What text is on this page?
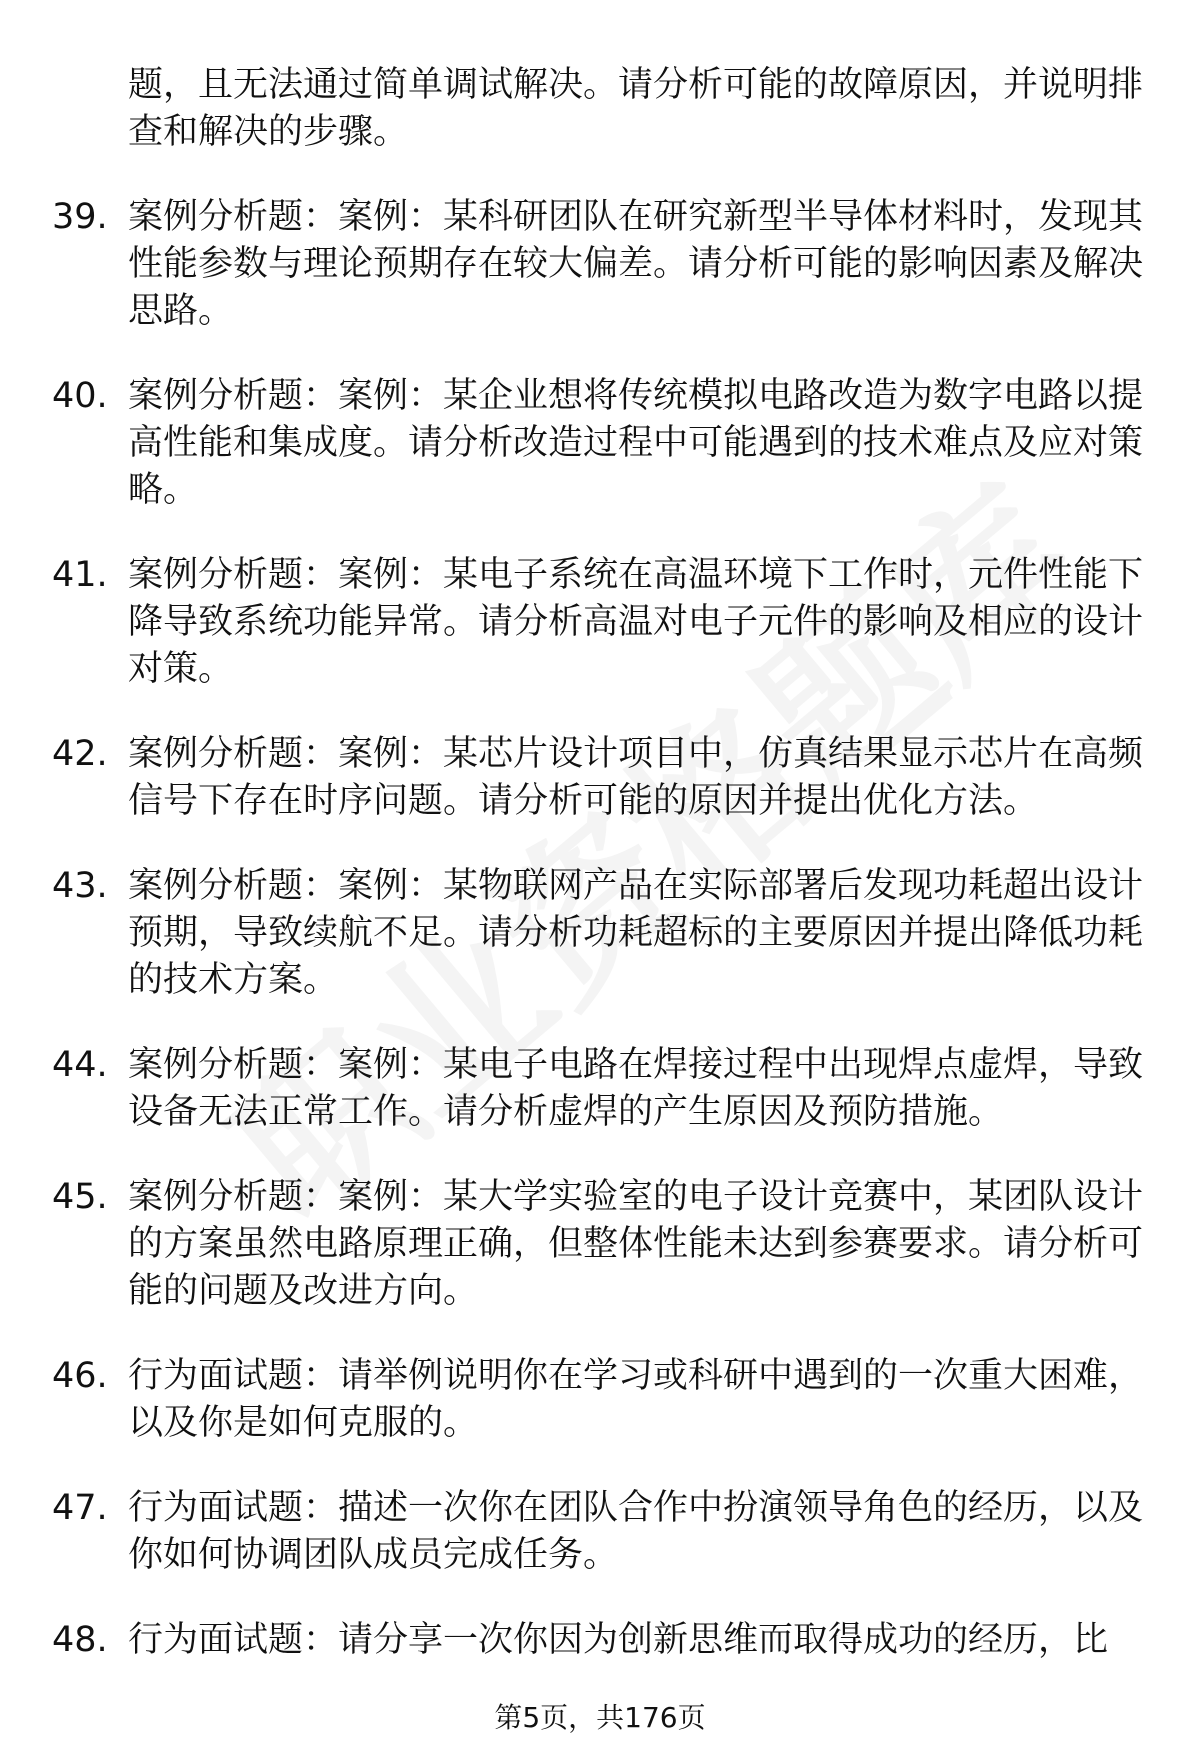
题，且无法通过简单调试解决。请分析可能的故障原因，并说明排查和解决的步骤。
39. 案例分析题：案例：某科研团队在研究新型半导体材料时，发现其性能参数与理论预期存在较大偏差。请分析可能的影响因素及解决思路。
40. 案例分析题：案例：某企业想将传统模拟电路改造为数字电路以提高性能和集成度。请分析改造过程中可能遇到的技术难点及应对策略。
41. 案例分析题：案例：某电子系统在高温环境下工作时，元件性能下降导致系统功能异常。请分析高温对电子元件的影响及相应的设计对策。
42. 案例分析题：案例：某芯片设计项目中，仿真结果显示芯片在高频信号下存在时序问题。请分析可能的原因并提出优化方法。
43. 案例分析题：案例：某物联网产品在实际部署后发现功耗超出设计预期，导致续航不足。请分析功耗超标的主要原因并提出降低功耗的技术方案。
44. 案例分析题：案例：某电子电路在焊接过程中出现焊点虚焊，导致设备无法正常工作。请分析虚焊的产生原因及预防措施。
45. 案例分析题：案例：某大学实验室的电子设计竞赛中，某团队设计的方案虽然电路原理正确，但整体性能未达到参赛要求。请分析可能的问题及改进方向。
46. 行为面试题：请举例说明你在学习或科研中遇到的一次重大困难，以及你是如何克服的。
47. 行为面试题：描述一次你在团队合作中扮演领导角色的经历，以及你如何协调团队成员完成任务。
48. 行为面试题：请分享一次你因为创新思维而取得成功的经历，比
第5页，共176页
